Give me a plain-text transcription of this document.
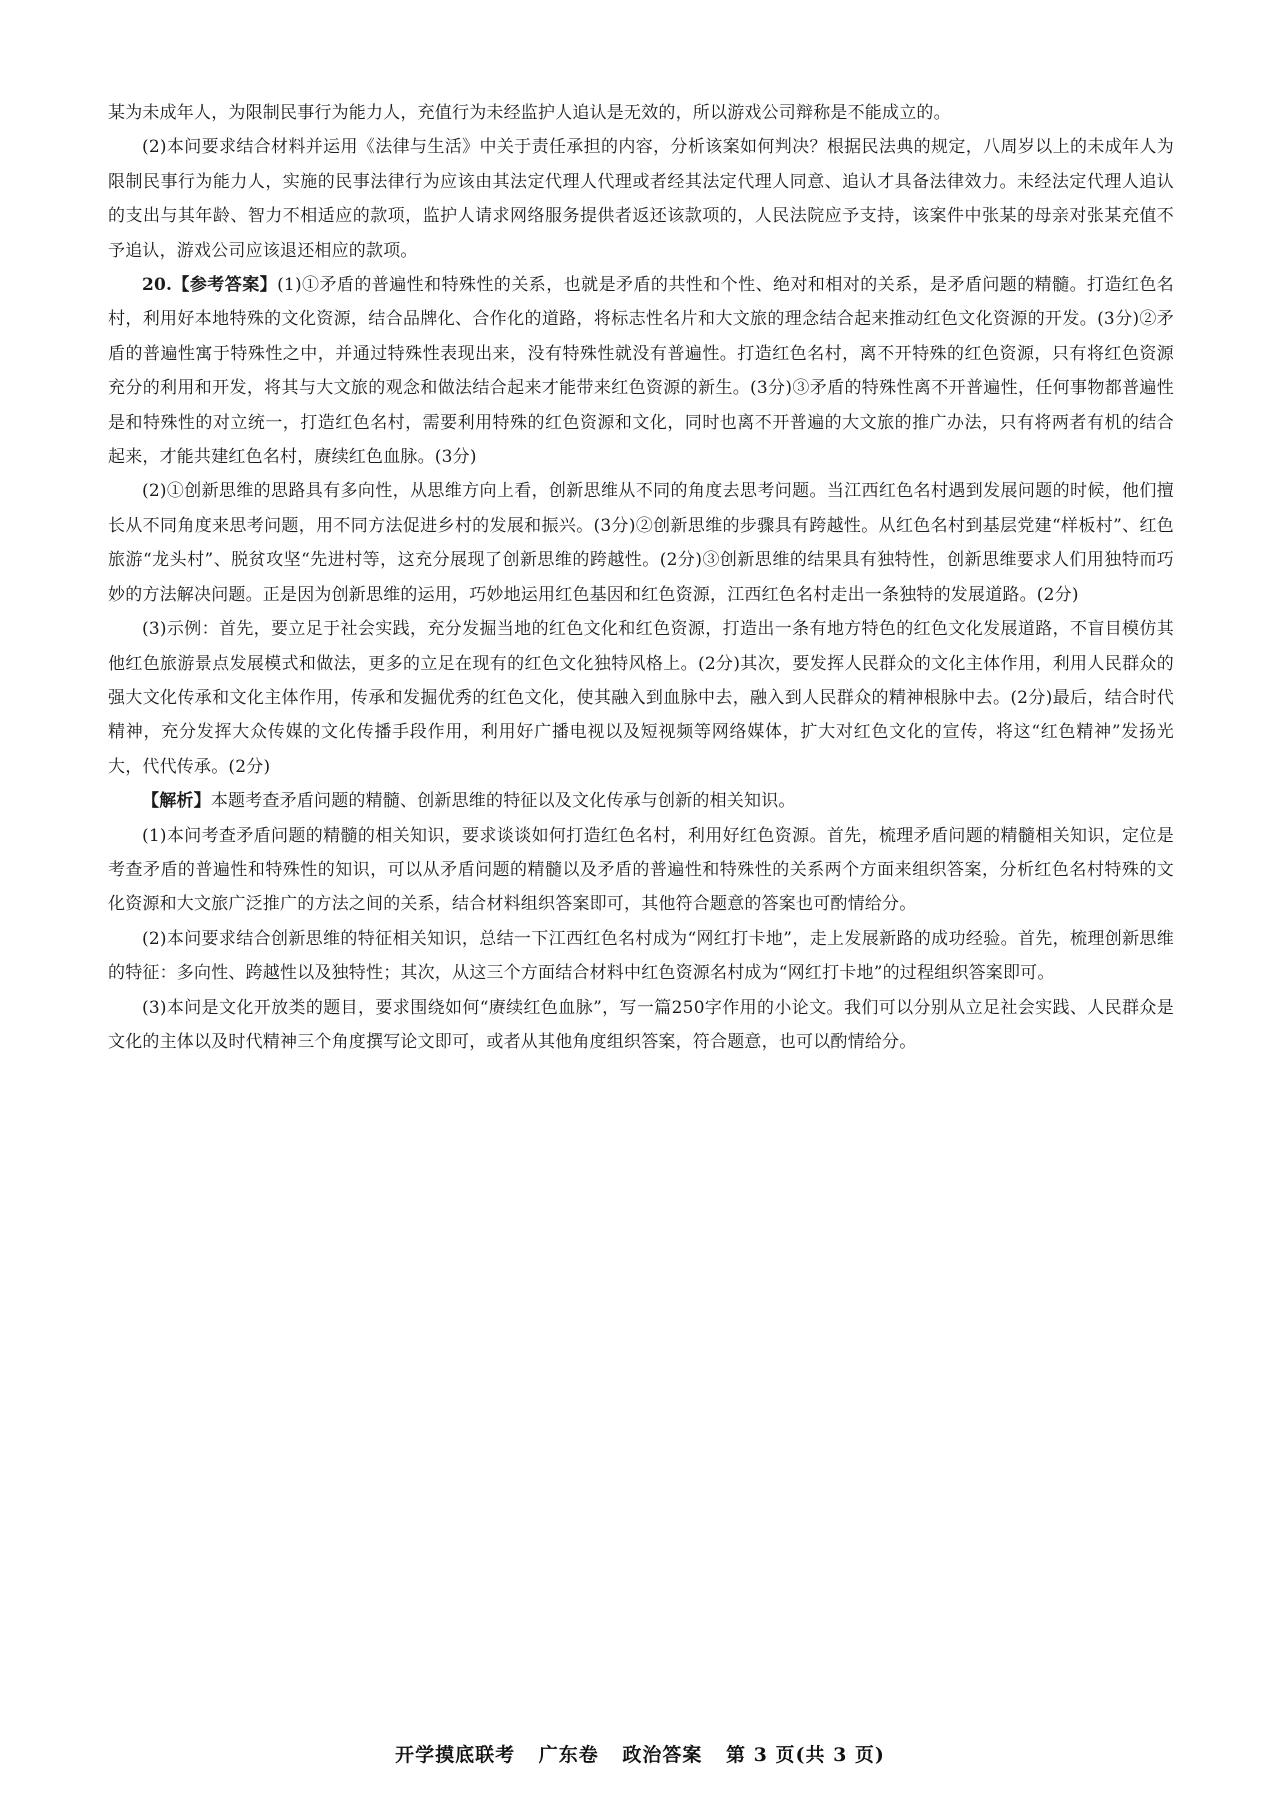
某为未成年人，为限制民事行为能力人，充值行为未经监护人追认是无效的，所以游戏公司辩称是不能成立的。

(2)本问要求结合材料并运用《法律与生活》中关于责任承担的内容，分析该案如何判决？根据民法典的规定，八周岁以上的未成年人为限制民事行为能力人，实施的民事法律行为应该由其法定代理人代理或者经其法定代理人同意、追认才具备法律效力。未经法定代理人追认的支出与其年龄、智力不相适应的款项，监护人请求网络服务提供者返还该款项的，人民法院应予支持，该案件中张某的母亲对张某充值不予追认，游戏公司应该退还相应的款项。

20.【参考答案】(1)①矛盾的普遍性和特殊性的关系，也就是矛盾的共性和个性、绝对和相对的关系，是矛盾问题的精髓。打造红色名村，利用好本地特殊的文化资源，结合品牌化、合作化的道路，将标志性名片和大文旅的理念结合起来推动红色文化资源的开发。(3分)②矛盾的普遍性寓于特殊性之中，并通过特殊性表现出来，没有特殊性就没有普遍性。打造红色名村，离不开特殊的红色资源，只有将红色资源充分的利用和开发，将其与大文旅的观念和做法结合起来才能带来红色资源的新生。(3分)③矛盾的特殊性离不开普遍性，任何事物都普遍性是和特殊性的对立统一，打造红色名村，需要利用特殊的红色资源和文化，同时也离不开普遍的大文旅的推广办法，只有将两者有机的结合起来，才能共建红色名村，赓续红色血脉。(3分)

(2)①创新思维的思路具有多向性，从思维方向上看，创新思维从不同的角度去思考问题。当江西红色名村遇到发展问题的时候，他们擅长从不同角度来思考问题，用不同方法促进乡村的发展和振兴。(3分)②创新思维的步骤具有跨越性。从红色名村到基层党建“样板村”、红色旅游“龙头村”、脱贫攻坚“先进村等，这充分展现了创新思维的跨越性。(2分)③创新思维的结果具有独特性，创新思维要求人们用独特而巧妙的方法解决问题。正是因为创新思维的运用，巧妙地运用红色基因和红色资源，江西红色名村走出一条独特的发展道路。(2分)

(3)示例：首先，要立足于社会实践，充分发掘当地的红色文化和红色资源，打造出一条有地方特色的红色文化发展道路，不盲目模仿其他红色旅游景点发展模式和做法，更多的立足在现有的红色文化独特风格上。(2分)其次，要发挥人民群众的文化主体作用，利用人民群众的强大文化传承和文化主体作用，传承和发掘优秀的红色文化，使其融入到血脉中去，融入到人民群众的精神根脉中去。(2分)最后，结合时代精神，充分发挥大众传媒的文化传播手段作用，利用好广播电视以及短视频等网络媒体，扩大对红色文化的宣传，将这“红色精神”发扬光大，代代传承。(2分)

【解析】本题考查矛盾问题的精髓、创新思维的特征以及文化传承与创新的相关知识。

(1)本问考查矛盾问题的精髓的相关知识，要求谈谈如何打造红色名村，利用好红色资源。首先，梳理矛盾问题的精髓相关知识，定位是考查矛盾的普遍性和特殊性的知识，可以从矛盾问题的精髓以及矛盾的普遍性和特殊性的关系两个方面来组织答案，分析红色名村特殊的文化资源和大文旅广泛推广的方法之间的关系，结合材料组织答案即可，其他符合题意的答案也可酌情给分。

(2)本问要求结合创新思维的特征相关知识，总结一下江西红色名村成为“网红打卡地”，走上发展新路的成功经验。首先，梳理创新思维的特征：多向性、跨越性以及独特性；其次，从这三个方面结合材料中红色资源名村成为“网红打卡地”的过程组织答案即可。

(3)本问是文化开放类的题目，要求围绕如何“赓续红色血脉”，写一篇250字作用的小论文。我们可以分别从立足社会实践、人民群众是文化的主体以及时代精神三个角度撰写论文即可，或者从其他角度组织答案，符合题意，也可以酌情给分。

开学摸底联考 广东卷 政治答案 第 3 页(共 3 页)
